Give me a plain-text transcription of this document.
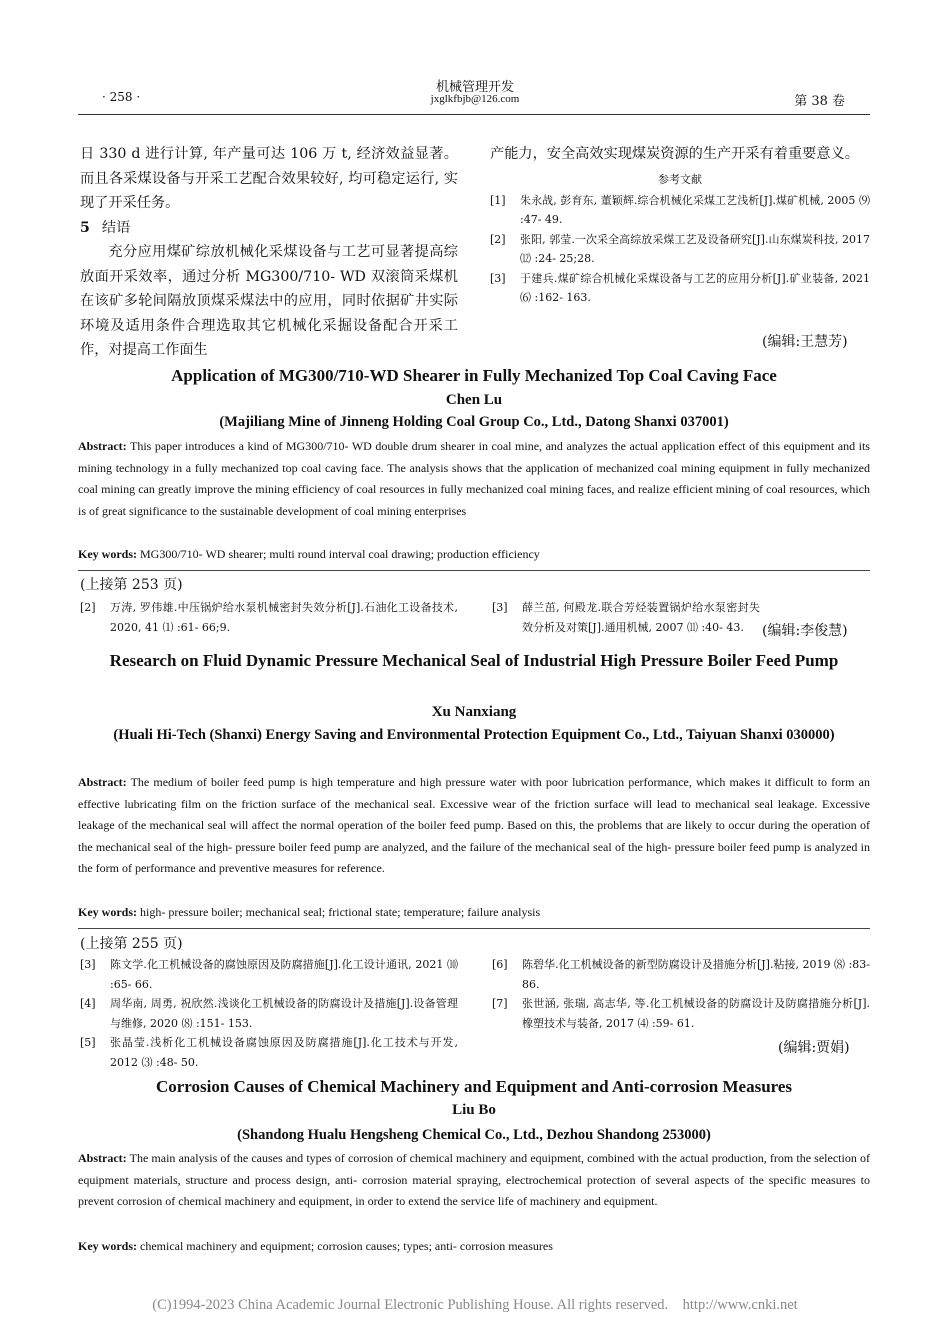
· 258 ·
机械管理开发
jxglkfbjb@126.com	第 38 卷

日 330 d 进行计算, 年产量可达 106 万 t, 经济效益显著。而且各采煤设备与开采工艺配合效果较好, 均可稳定运行, 实现了开采任务。

5 结语

充分应用煤矿综放机械化采煤设备与工艺可显著提高综放面开采效率，通过分析 MG300/710- WD 双滚筒采煤机在该矿多轮间隔放顶煤采煤法中的应用，同时依据矿井实际环境及适用条件合理选取其它机械化采掘设备配合开采工作，对提高工作面生

产能力，安全高效实现煤炭资源的生产开采有着重要意义。

参考文献
[1]	朱永战, 彭育东, 董颖辉.综合机械化采煤工艺浅析[J].煤矿机械, 2005 ⑼ :47- 49.
[2]	张阳, 郭莹.一次采全高综放采煤工艺及设备研究[J].山东煤炭科技, 2017 ⑿ :24- 25;28.
[3]	于建兵.煤矿综合机械化采煤设备与工艺的应用分析[J].矿业装备, 2021 ⑹ :162- 163.
(编辑:王慧芳)
Application of MG300/710-WD Shearer in Fully Mechanized Top Coal Caving Face
Chen Lu
(Majiliang Mine of Jinneng Holding Coal Group Co., Ltd., Datong Shanxi 037001)
Abstract: This paper introduces a kind of MG300/710- WD double drum shearer in coal mine, and analyzes the actual application effect of this equipment and its mining technology in a fully mechanized top coal caving face. The analysis shows that the application of mechanized coal mining equipment in fully mechanized coal mining can greatly improve the mining efficiency of coal resources in fully mechanized coal mining faces, and realize efficient mining of coal resources, which is of great significance to the sustainable development of coal mining enterprises
Key words: MG300/710- WD shearer; multi round interval coal drawing; production efficiency
(上接第 253 页)
[2]	万涛, 罗伟雄.中压锅炉给水泵机械密封失效分析[J].石油化工设备技术, 2020, 41 ⑴ :61- 66;9.
[3]	薛兰茁, 何殿龙.联合芳烃装置锅炉给水泵密封失效分析及对策[J].通用机械, 2007 ⑾ :40- 43.	(编辑:李俊慧)
Research on Fluid Dynamic Pressure Mechanical Seal of Industrial High Pressure Boiler Feed Pump
Xu Nanxiang
(Huali Hi-Tech (Shanxi) Energy Saving and Environmental Protection Equipment Co., Ltd., Taiyuan Shanxi 030000)
Abstract: The medium of boiler feed pump is high temperature and high pressure water with poor lubrication performance, which makes it difficult to form an effective lubricating film on the friction surface of the mechanical seal. Excessive wear of the friction surface will lead to mechanical seal leakage. Excessive leakage of the mechanical seal will affect the normal operation of the boiler feed pump. Based on this, the problems that are likely to occur during the operation of the mechanical seal of the high- pressure boiler feed pump are analyzed, and the failure of the mechanical seal of the high- pressure boiler feed pump is analyzed in the form of performance and preventive measures for reference.
Key words: high- pressure boiler; mechanical seal; frictional state; temperature; failure analysis
(上接第 255 页)
[3]	陈文学.化工机械设备的腐蚀原因及防腐措施[J].化工设计通讯, 2021 ⑽ :65- 66.
[4]	周华南, 周勇, 祝欣然.浅谈化工机械设备的防腐设计及措施[J].设备管理与维修, 2020 ⑻ :151- 153.
[5]	张晶莹.浅析化工机械设备腐蚀原因及防腐措施[J].化工技术与开发, 2012 ⑶ :48- 50.
[6]	陈碧华.化工机械设备的新型防腐设计及措施分析[J].粘接, 2019 ⑻ :83- 86.
[7]	张世涵, 张瑞, 高志华, 等.化工机械设备的防腐设计及防腐措施分析[J].橡塑技术与装备, 2017 ⑷ :59- 61.
(编辑:贾娟)
Corrosion Causes of Chemical Machinery and Equipment and Anti-corrosion Measures
Liu Bo
(Shandong Hualu Hengsheng Chemical Co., Ltd., Dezhou Shandong 253000)
Abstract: The main analysis of the causes and types of corrosion of chemical machinery and equipment, combined with the actual production, from the selection of equipment materials, structure and process design, anti- corrosion material spraying, electrochemical protection of several aspects of the specific measures to prevent corrosion of chemical machinery and equipment, in order to extend the service life of machinery and equipment.
Key words: chemical machinery and equipment; corrosion causes; types; anti- corrosion measures
(C)1994-2023 China Academic Journal Electronic Publishing House. All rights reserved.    http://www.cnki.net
